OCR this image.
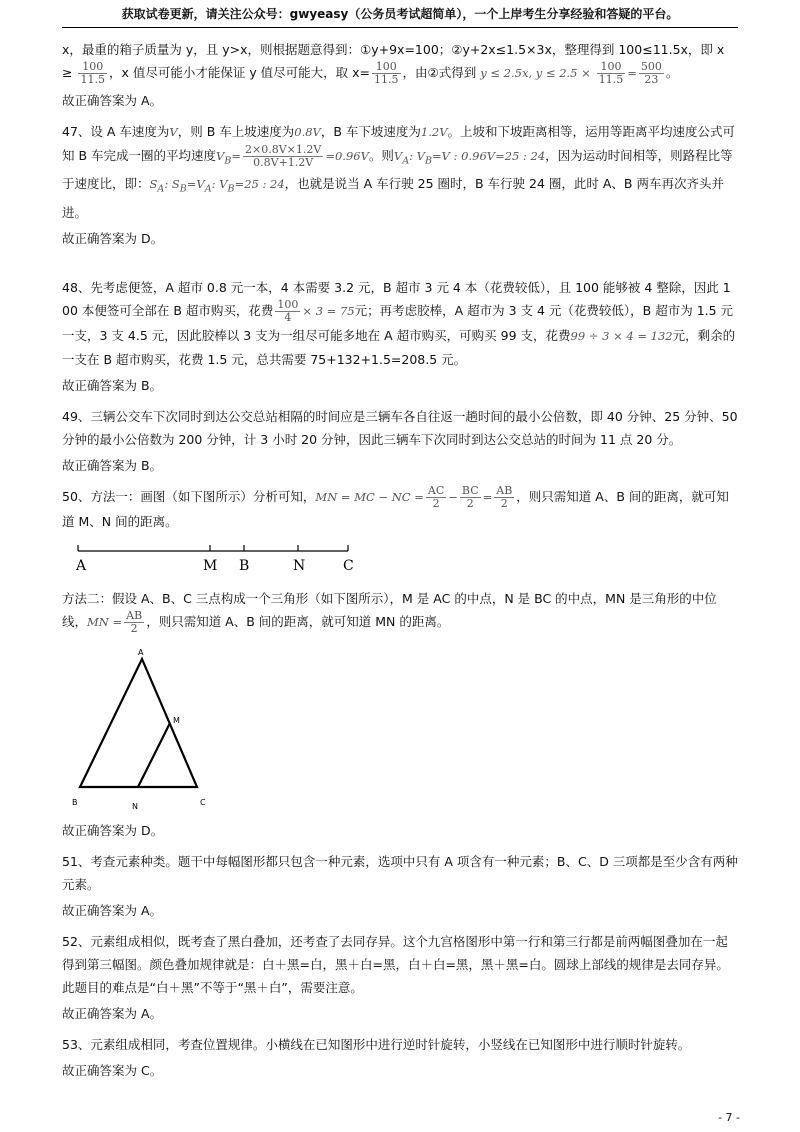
获取试卷更新，请关注公众号：gwyeasy（公务员考试超简单），一个上岸考生分享经验和答疑的平台。

x，最重的箱子质量为 y，且 y>x，则根据题意得到：①y+9x=100；②y+2x≤1.5×3x，整理得到 100≤11.5x，即 $x \ge \frac{100}{11.5}$ ，x 值尽可能小才能保证 y 值尽可能大，取 $x= \frac{100}{11.5}$ ，由②式得到 y ≤ 2.5x, $y \le 2.5 \times \frac{100}{11.5} = \frac{500}{23}$ 。

故正确答案为 A。

47、设 A 车速度为V，则 B 车上坡速度为0.8V，B 车下坡速度为1.2V。上坡和下坡距离相等，运用等距离平均速度公式可知 B 车完成一圈的平均速度$V_B= \frac{2\times 0.8V\times 1.2V}{0.8V+1.2V} =0.96V$。则$V_A$: $V_B=V$ : 0.96V=25 : 24，因为运动时间相等，则路程比等于速度比，即：$S_A$: $S_B=V_A$: $V_B=25$ : 24，也就是说当 A 车行驶 25 圈时，B 车行驶 24 圈，此时 A、B 两车再次齐头并进。

故正确答案为 D。

48、先考虑便签，A 超市 0.8 元一本，4 本需要 3.2 元，B 超市 3 元 4 本（花费较低），且 100 能够被 4 整除，因此 100 本便签可全部在 B 超市购买，花费 $\frac{100}{4} \times 3 = 75$元；再考虑胶棒，A 超市为 3 支 4 元（花费较低），B 超市为 1.5 元一支，3 支 4.5 元，因此胶棒以 3 支为一组尽可能多地在 A 超市购买，可购买 99 支，花费99 ÷ 3 × 4 = 132元，剩余的一支在 B 超市购买，花费 1.5 元，总共需要 75+132+1.5=208.5 元。

故正确答案为 B。

49、三辆公交车下次同时到达公交总站相隔的时间应是三辆车各自往返一趟时间的最小公倍数，即 40 分钟、25 分钟、50 分钟的最小公倍数为 200 分钟，计 3 小时 20 分钟，因此三辆车下次同时到达公交总站的时间为 11 点 20 分。

故正确答案为 B。

50、方法一：画图（如下图所示）分析可知，MN = MC − NC = $\frac{AC}{2} - \frac{BC}{2} = \frac{AB}{2}$ ，则只需知道 A、B 间的距离，就可知道 M、N 间的距离。

A	M B	N	C

方法二：假设 A、B、C 三点构成一个三角形（如下图所示），M 是 AC 的中点，N 是 BC 的中点，MN 是三角形的中位线，MN = $\frac{AB}{2}$ ，则只需知道 A、B 间的距离，就可知道 MN 的距离。

A
M
B	N	C

故正确答案为 D。

51、考查元素种类。题干中每幅图形都只包含一种元素，选项中只有 A 项含有一种元素；B、C、D 三项都是至少含有两种元素。

故正确答案为 A。

52、元素组成相似，既考查了黑白叠加，还考查了去同存异。这个九宫格图形中第一行和第三行都是前两幅图叠加在一起得到第三幅图。颜色叠加规律就是：白＋黑=白，黑＋白=黑，白＋白=黑，黑＋黑=白。圆球上部线的规律是去同存异。此题目的难点是“白＋黑”不等于“黑＋白”，需要注意。

故正确答案为 A。

53、元素组成相同，考查位置规律。小横线在已知图形中进行逆时针旋转，小竖线在已知图形中进行顺时针旋转。

故正确答案为 C。

- 7 -
